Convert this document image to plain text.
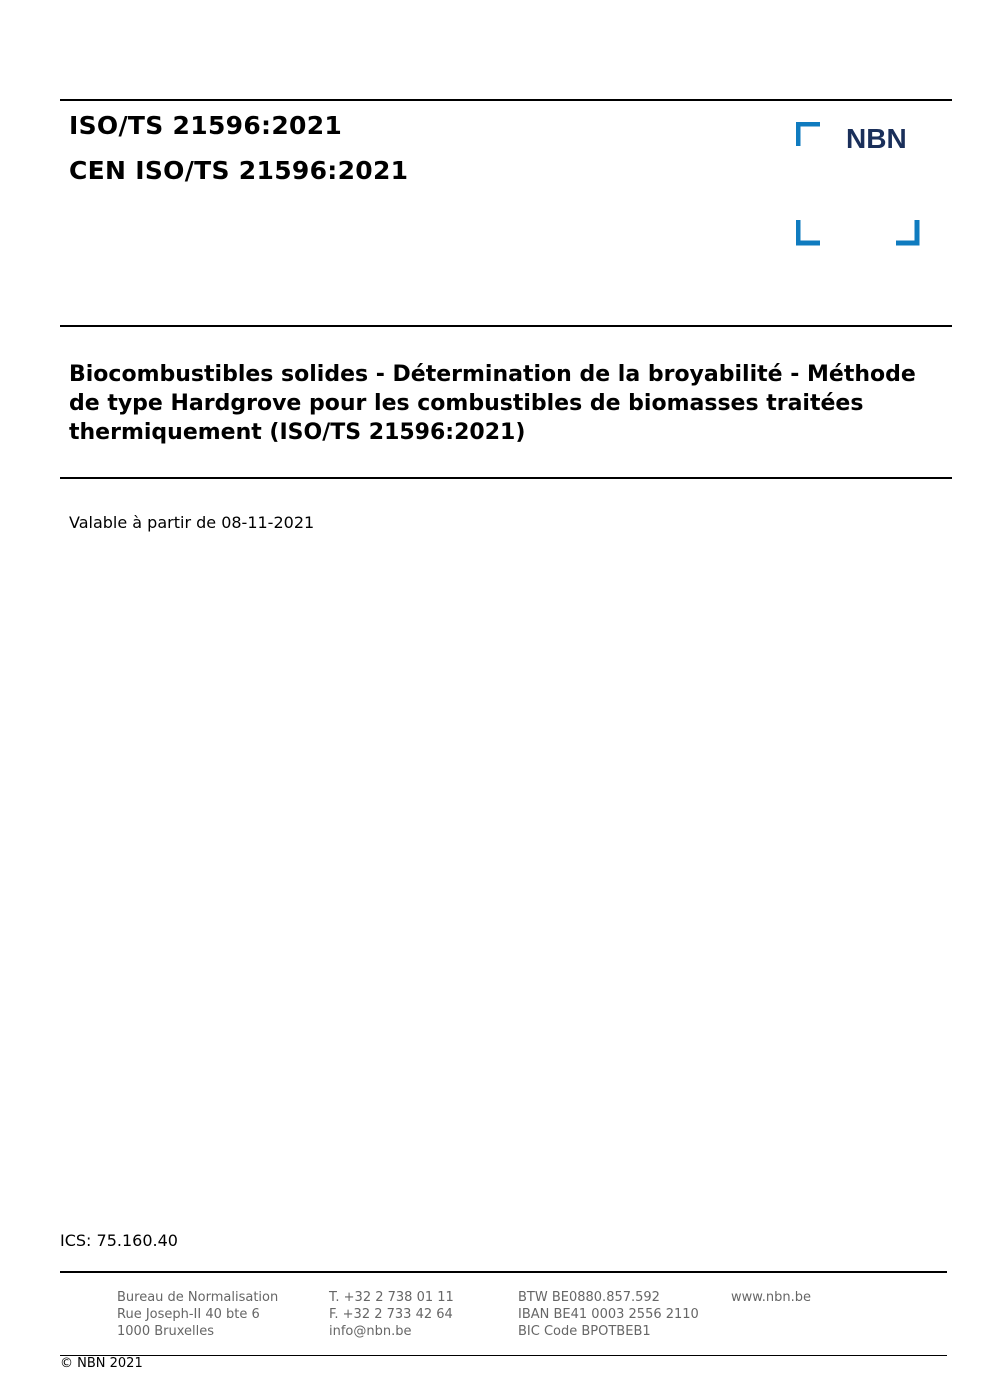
ISO/TS 21596:2021
CEN ISO/TS 21596:2021
NBN
Biocombustibles solides - Détermination de la broyabilité - Méthode de type Hardgrove pour les combustibles de biomasses traitées thermiquement (ISO/TS 21596:2021)
Valable à partir de 08-11-2021
ICS: 75.160.40
Bureau de Normalisation
Rue Joseph-II 40 bte 6
1000 Bruxelles
T. +32 2 738 01 11
F. +32 2 733 42 64
info@nbn.be
BTW BE0880.857.592
IBAN BE41 0003 2556 2110
BIC Code BPOTBEB1
www.nbn.be
© NBN 2021
